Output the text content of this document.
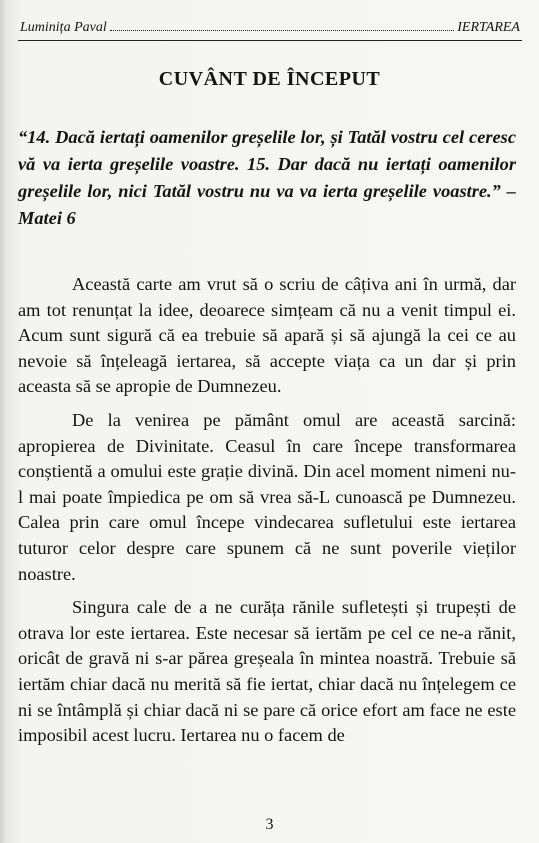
Luminița Paval	IERTAREA
CUVÂNT DE ÎNCEPUT

“14. Dacă iertați oamenilor greșelile lor, și Tatăl vostru cel ceresc vă va ierta greșelile voastre. 15. Dar dacă nu iertați oamenilor greșelile lor, nici Tatăl vostru nu va va ierta greșelile voastre.” – Matei 6

Această carte am vrut să o scriu de câțiva ani în urmă, dar am tot renunțat la idee, deoarece simțeam că nu a venit timpul ei. Acum sunt sigură că ea trebuie să apară și să ajungă la cei ce au nevoie să înțeleagă iertarea, să accepte viața ca un dar și prin aceasta să se apropie de Dumnezeu.

De la venirea pe pământ omul are această sarcină: apropierea de Divinitate. Ceasul în care începe transformarea conștientă a omului este grație divină. Din acel moment nimeni nu-l mai poate împiedica pe om să vrea să-L cunoască pe Dumnezeu. Calea prin care omul începe vindecarea sufletului este iertarea tuturor celor despre care spunem că ne sunt poverile vieților noastre.

Singura cale de a ne curăța rănile sufletești și trupești de otrava lor este iertarea. Este necesar să iertăm pe cel ce ne-a rănit, oricât de gravă ni s-ar părea greșeala în mintea noastră. Trebuie să iertăm chiar dacă nu merită să fie iertat, chiar dacă nu înțelegem ce ni se întâmplă și chiar dacă ni se pare că orice efort am face ne este imposibil acest lucru. Iertarea nu o facem de

3
